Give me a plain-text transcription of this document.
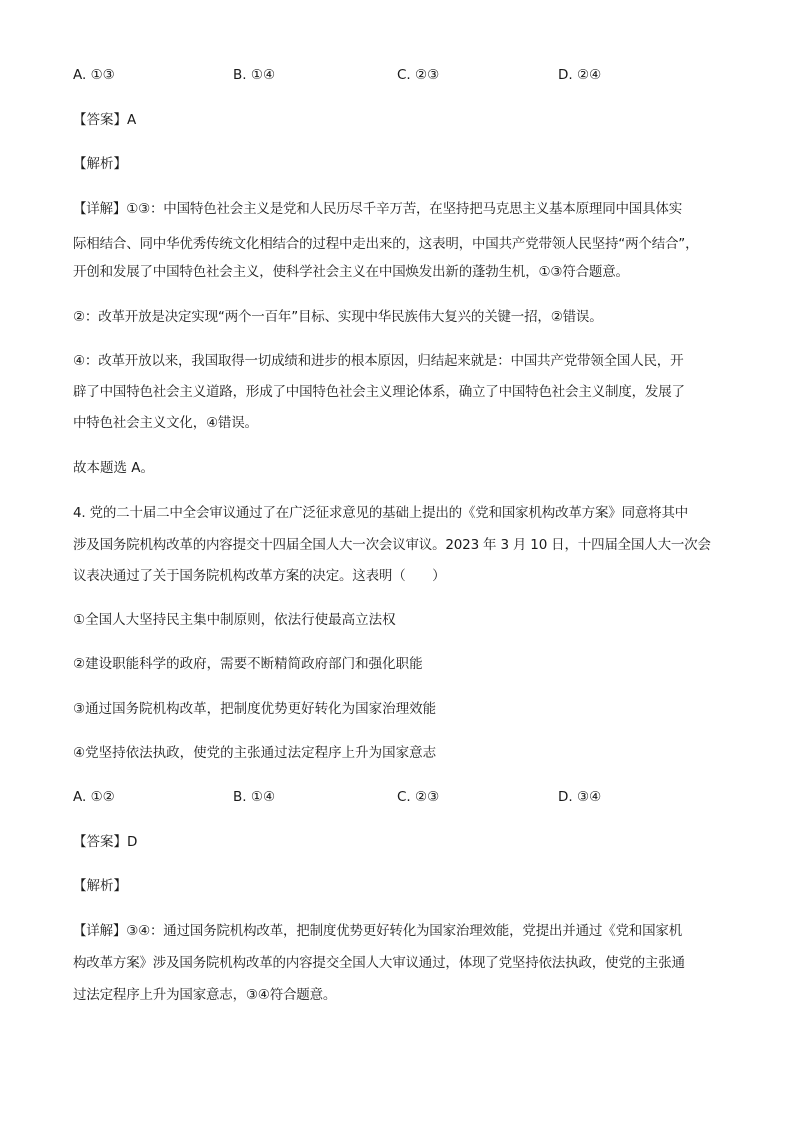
A. ①③	B. ①④	C. ②③	D. ②④
【答案】A
【解析】
【详解】①③：中国特色社会主义是党和人民历尽千辛万苦，在坚持把马克思主义基本原理同中国具体实
际相结合、同中华优秀传统文化相结合的过程中走出来的，这表明，中国共产党带领人民坚持“两个结合”，
开创和发展了中国特色社会主义，使科学社会主义在中国焕发出新的蓬勃生机，①③符合题意。
②：改革开放是决定实现“两个一百年”目标、实现中华民族伟大复兴的关键一招，②错误。
④：改革开放以来，我国取得一切成绩和进步的根本原因，归结起来就是：中国共产党带领全国人民，开
辟了中国特色社会主义道路，形成了中国特色社会主义理论体系，确立了中国特色社会主义制度，发展了
中特色社会主义文化，④错误。
故本题选 A。
4. 党的二十届二中全会审议通过了在广泛征求意见的基础上提出的《党和国家机构改革方案》同意将其中
涉及国务院机构改革的内容提交十四届全国人大一次会议审议。2023 年 3 月 10 日，十四届全国人大一次会
议表决通过了关于国务院机构改革方案的决定。这表明（　　）
①全国人大坚持民主集中制原则，依法行使最高立法权
②建设职能科学的政府，需要不断精简政府部门和强化职能
③通过国务院机构改革，把制度优势更好转化为国家治理效能
④党坚持依法执政，使党的主张通过法定程序上升为国家意志
A. ①②	B. ①④	C. ②③	D. ③④
【答案】D
【解析】
【详解】③④：通过国务院机构改革，把制度优势更好转化为国家治理效能，党提出并通过《党和国家机
构改革方案》涉及国务院机构改革的内容提交全国人大审议通过，体现了党坚持依法执政，使党的主张通
过法定程序上升为国家意志，③④符合题意。
